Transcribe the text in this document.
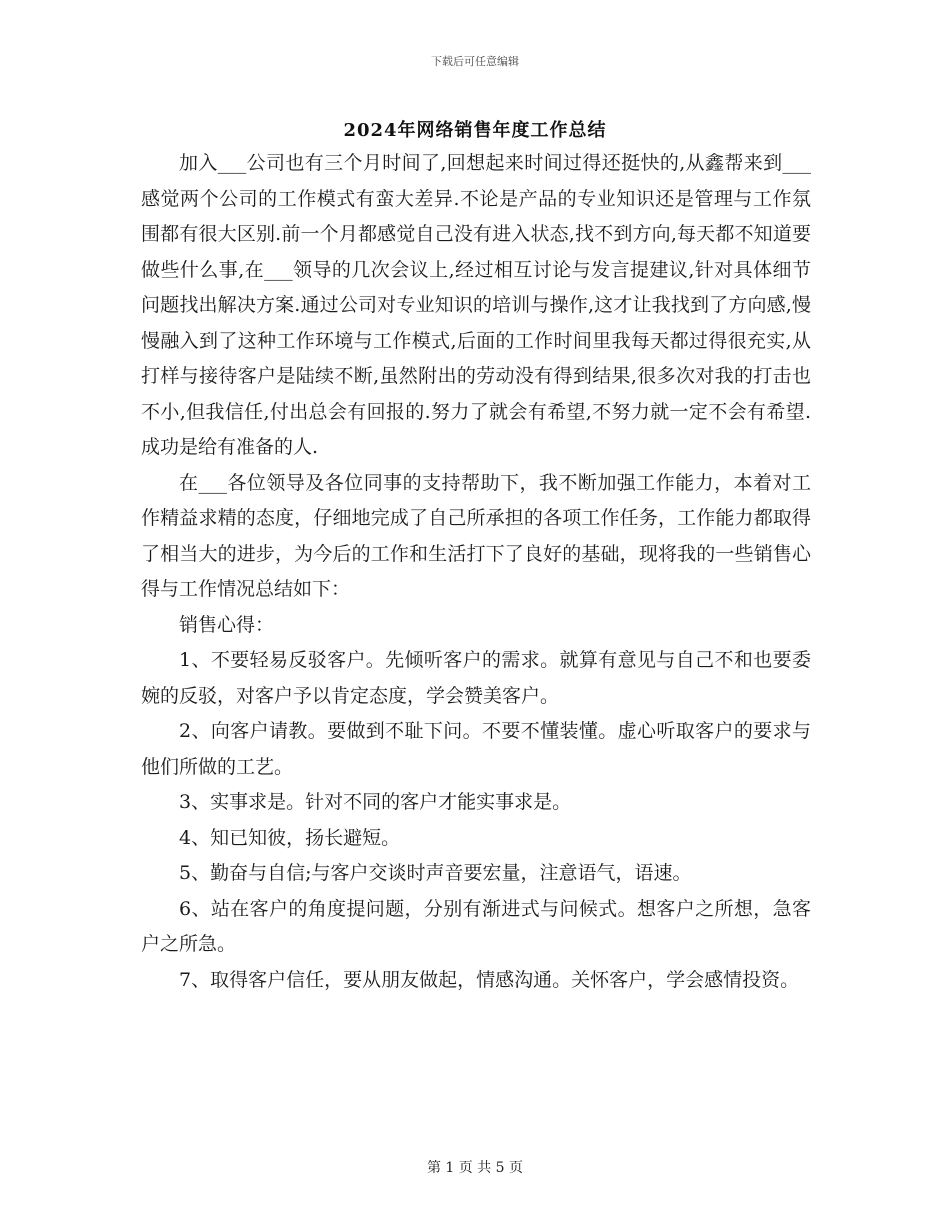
下载后可任意编辑
2024年网络销售年度工作总结

加入___公司也有三个月时间了,回想起来时间过得还挺快的,从鑫帮来到___感觉两个公司的工作模式有蛮大差异.不论是产品的专业知识还是管理与工作氛围都有很大区别.前一个月都感觉自己没有进入状态,找不到方向,每天都不知道要做些什么事,在___领导的几次会议上,经过相互讨论与发言提建议,针对具体细节问题找出解决方案.通过公司对专业知识的培训与操作,这才让我找到了方向感,慢慢融入到了这种工作环境与工作模式,后面的工作时间里我每天都过得很充实,从打样与接待客户是陆续不断,虽然附出的劳动没有得到结果,很多次对我的打击也不小,但我信任,付出总会有回报的.努力了就会有希望,不努力就一定不会有希望.成功是给有准备的人.

在___各位领导及各位同事的支持帮助下，我不断加强工作能力，本着对工作精益求精的态度，仔细地完成了自己所承担的各项工作任务，工作能力都取得了相当大的进步，为今后的工作和生活打下了良好的基础，现将我的一些销售心得与工作情况总结如下：

销售心得：

1、不要轻易反驳客户。先倾听客户的需求。就算有意见与自己不和也要委婉的反驳，对客户予以肯定态度，学会赞美客户。

2、向客户请教。要做到不耻下问。不要不懂装懂。虚心听取客户的要求与他们所做的工艺。

3、实事求是。针对不同的客户才能实事求是。

4、知已知彼，扬长避短。

5、勤奋与自信;与客户交谈时声音要宏量，注意语气，语速。

6、站在客户的角度提问题，分别有渐进式与问候式。想客户之所想，急客户之所急。

7、取得客户信任，要从朋友做起，情感沟通。关怀客户，学会感情投资。

第 1 页 共 5 页
